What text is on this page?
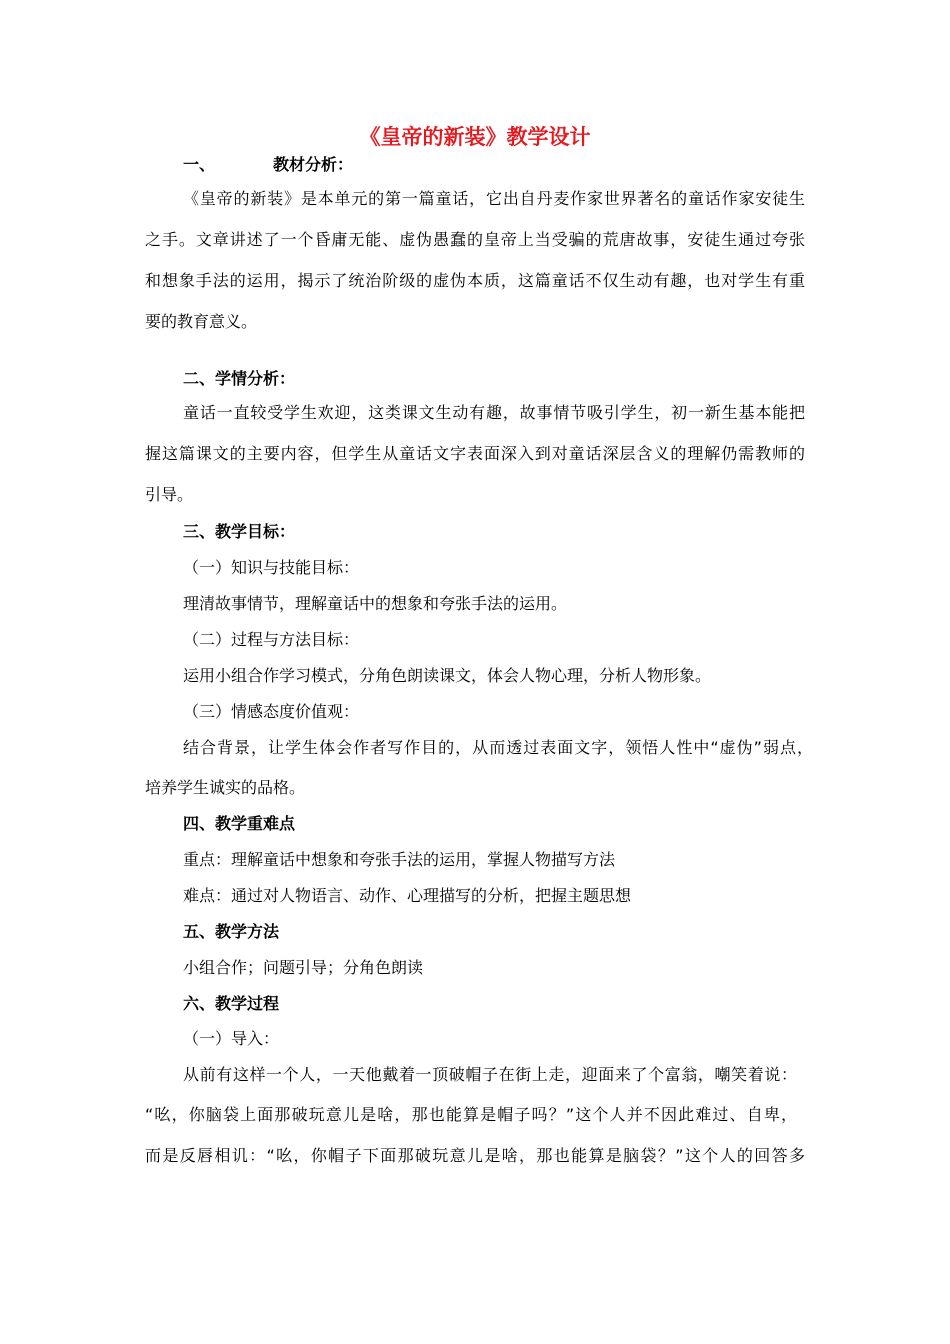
《皇帝的新装》教学设计
一、	教材分析：
《皇帝的新装》是本单元的第一篇童话，它出自丹麦作家世界著名的童话作家安徒生
之手。文章讲述了一个昏庸无能、虚伪愚蠢的皇帝上当受骗的荒唐故事，安徒生通过夸张
和想象手法的运用，揭示了统治阶级的虚伪本质，这篇童话不仅生动有趣，也对学生有重
要的教育意义。
二、学情分析：
童话一直较受学生欢迎，这类课文生动有趣，故事情节吸引学生，初一新生基本能把
握这篇课文的主要内容，但学生从童话文字表面深入到对童话深层含义的理解仍需教师的
引导。
三、教学目标：
（一）知识与技能目标：
理清故事情节，理解童话中的想象和夸张手法的运用。
（二）过程与方法目标：
运用小组合作学习模式，分角色朗读课文，体会人物心理，分析人物形象。
（三）情感态度价值观：
结合背景，让学生体会作者写作目的，从而透过表面文字，领悟人性中“虚伪”弱点，
培养学生诚实的品格。
四、教学重难点
重点：理解童话中想象和夸张手法的运用，掌握人物描写方法
难点：通过对人物语言、动作、心理描写的分析，把握主题思想
五、教学方法
小组合作；问题引导；分角色朗读
六、教学过程
（一）导入：
从前有这样一个人，一天他戴着一顶破帽子在街上走，迎面来了个富翁，嘲笑着说：
“吆，你脑袋上面那破玩意儿是啥，那也能算是帽子吗？”这个人并不因此难过、自卑，
而是反唇相讥：“吆，你帽子下面那破玩意儿是啥，那也能算是脑袋？”这个人的回答多
